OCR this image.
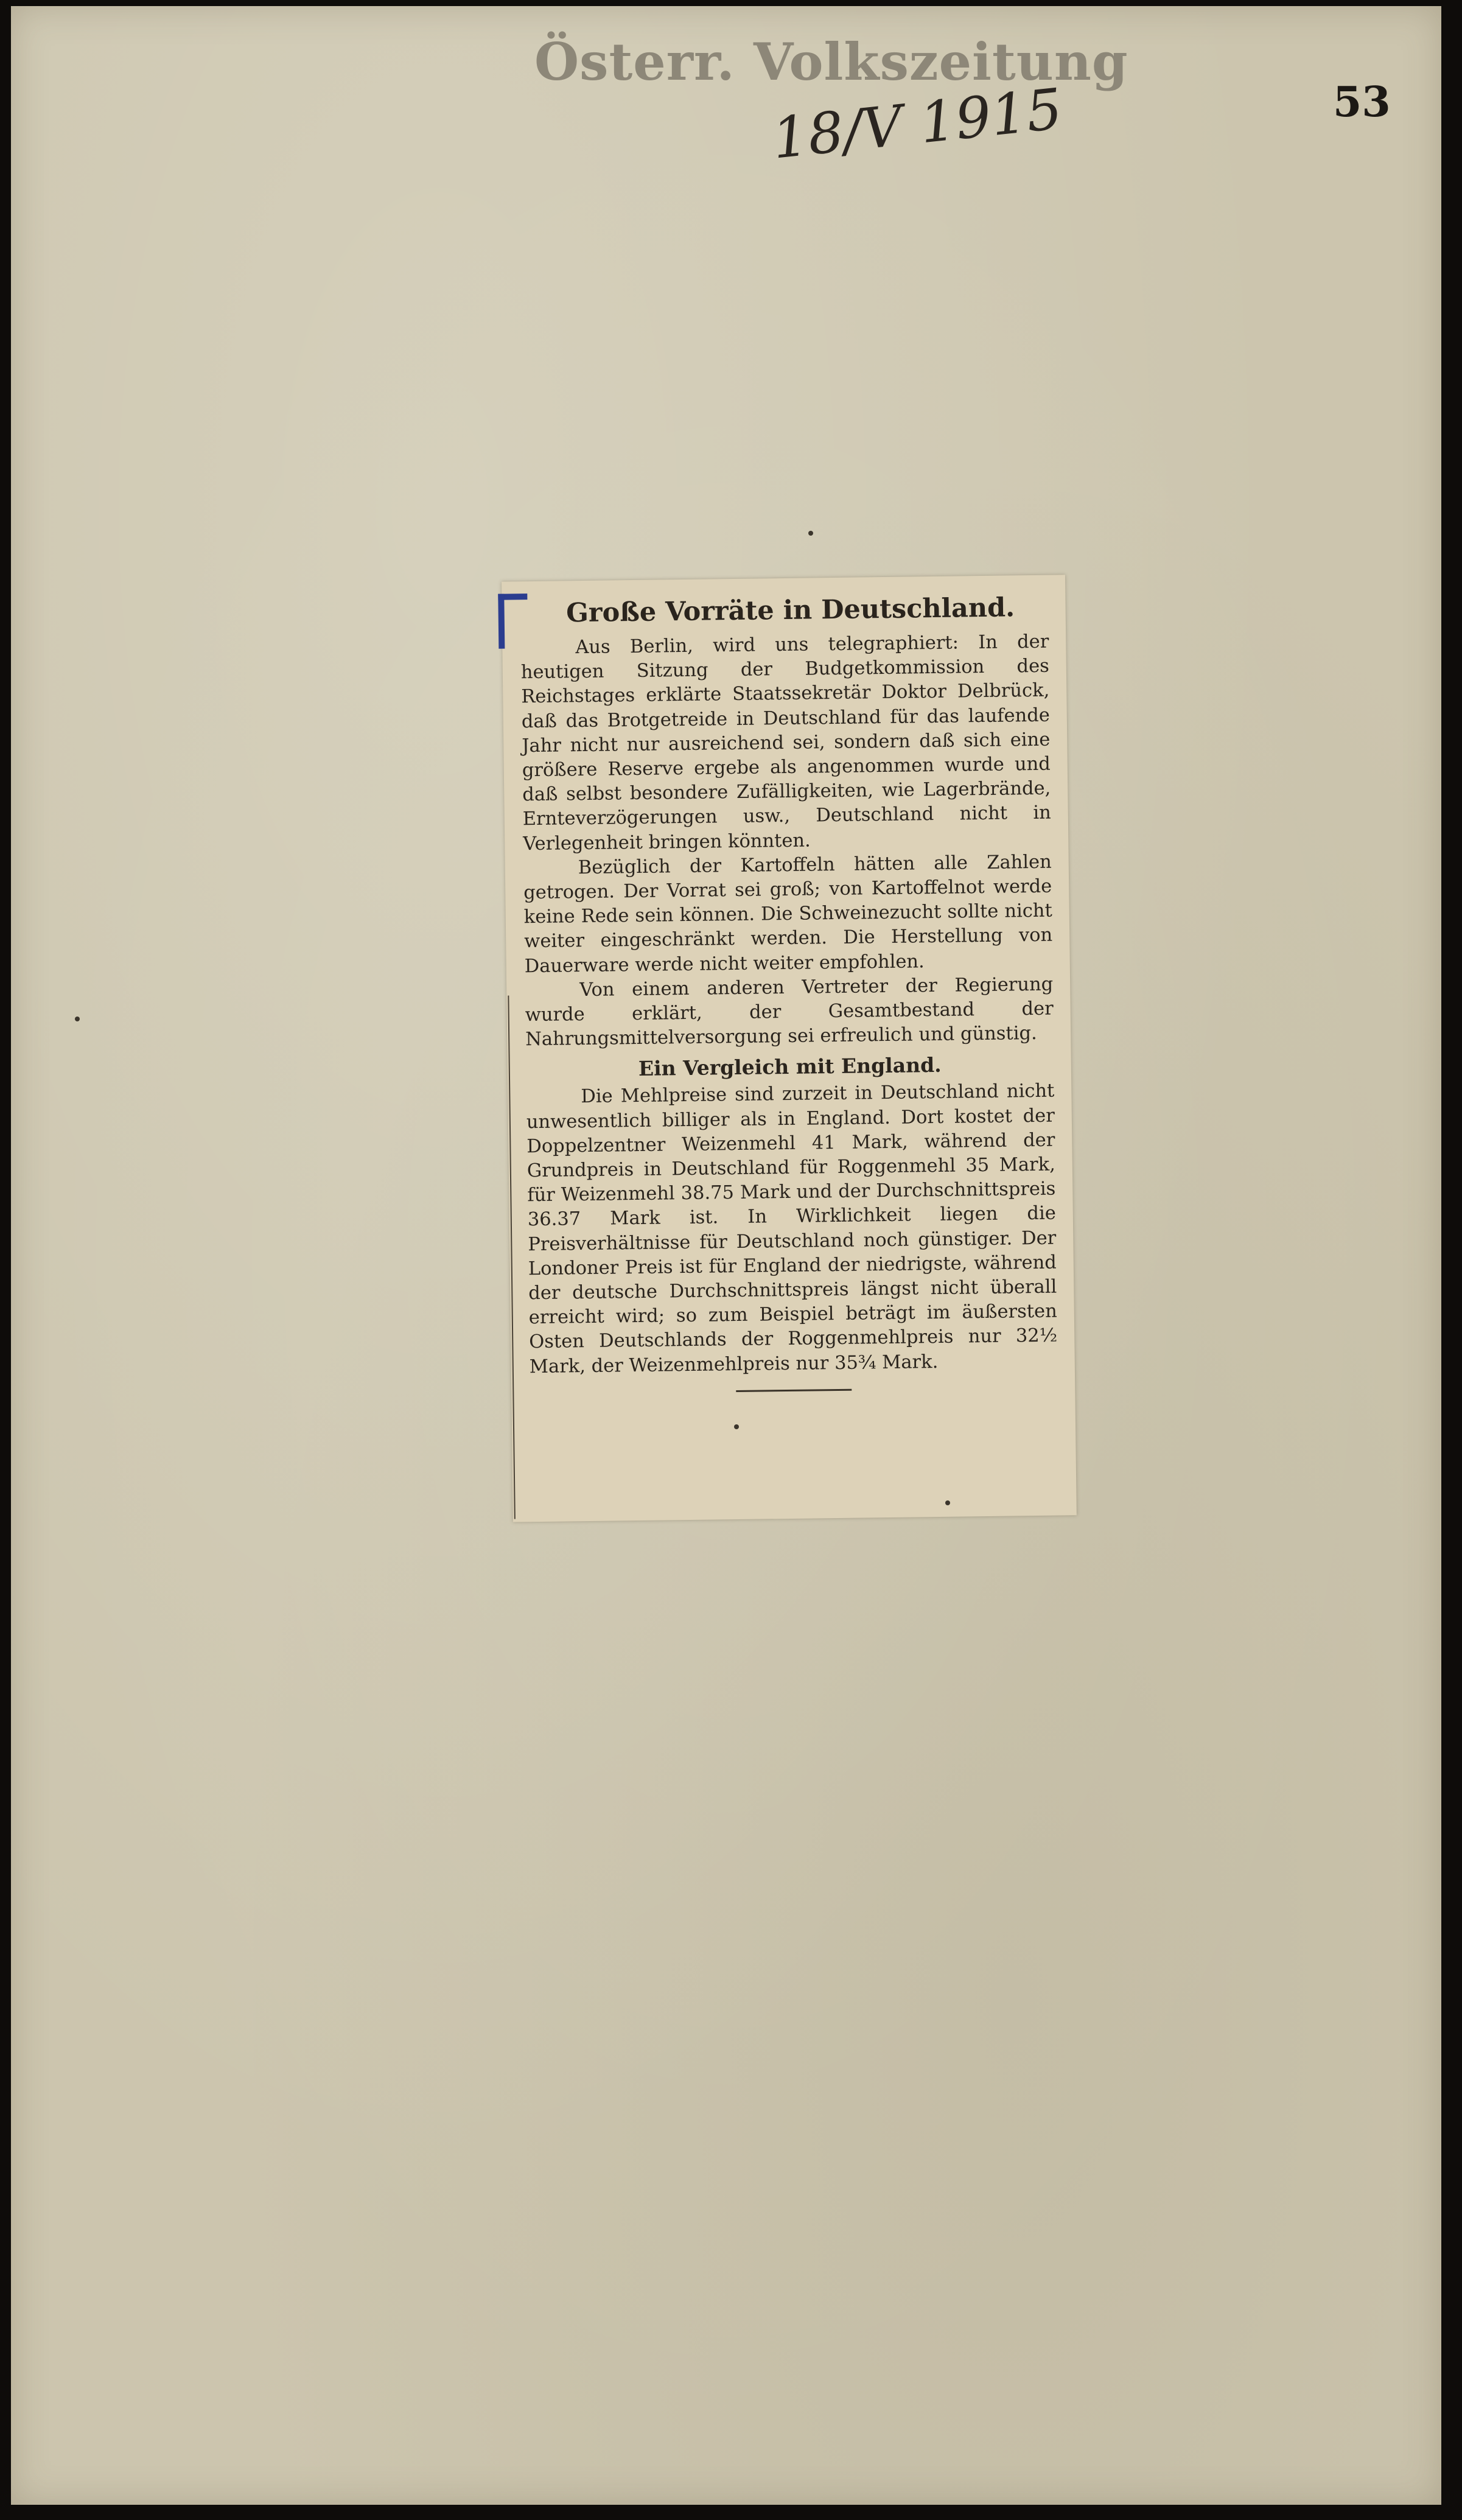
Österr. Volkszeitung
18/V 1915	53
Große Vorräte in Deutschland.

Aus Berlin, wird uns telegraphiert: In der heutigen Sitzung der Budgetkommission des Reichstages erklärte Staatssekretär Doktor Delbrück, daß das Brotgetreide in Deutschland für das laufende Jahr nicht nur ausreichend sei, sondern daß sich eine größere Reserve ergebe als angenommen wurde und daß selbst besondere Zufälligkeiten, wie Lagerbrände, Ernteverzögerungen usw., Deutschland nicht in Verlegenheit bringen könnten.

Bezüglich der Kartoffeln hätten alle Zahlen getrogen. Der Vorrat sei groß; von Kartoffelnot werde keine Rede sein können. Die Schweinezucht sollte nicht weiter eingeschränkt werden. Die Herstellung von Dauerware werde nicht weiter empfohlen.

Von einem anderen Vertreter der Regierung wurde erklärt, der Gesamtbestand der Nahrungsmittelversorgung sei erfreulich und günstig.

Ein Vergleich mit England.

Die Mehlpreise sind zurzeit in Deutschland nicht unwesentlich billiger als in England. Dort kostet der Doppelzentner Weizenmehl 41 Mark, während der Grundpreis in Deutschland für Roggenmehl 35 Mark, für Weizenmehl 38.75 Mark und der Durchschnittspreis 36.37 Mark ist. In Wirklichkeit liegen die Preisverhältnisse für Deutschland noch günstiger. Der Londoner Preis ist für England der niedrigste, während der deutsche Durchschnittspreis längst nicht überall erreicht wird; so zum Beispiel beträgt im äußersten Osten Deutschlands der Roggenmehlpreis nur 32½ Mark, der Weizenmehlpreis nur 35¾ Mark.
